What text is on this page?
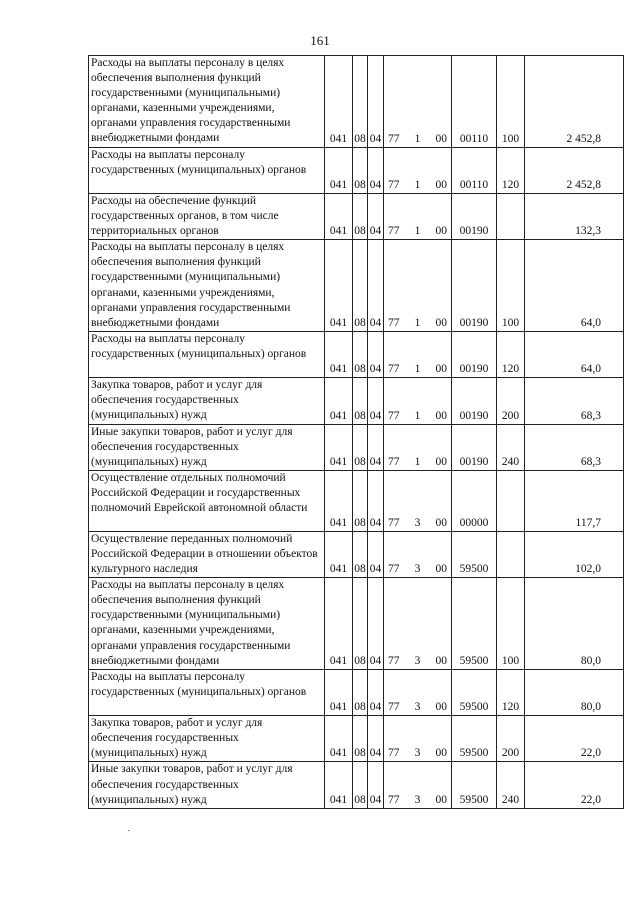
161
Расходы на выплаты персоналу в целях обеспечения выполнения функций государственными (муниципальными) органами, казенными учреждениями, органами управления государственными внебюджетными фондами	041	08	04	77 1 00	00110	100	2 452,8
Расходы на выплаты персоналу государственных (муниципальных) органов	041	08	04	77 1 00	00110	120	2 452,8
Расходы на обеспечение функций государственных органов, в том числе территориальных органов	041	08	04	77 1 00	00190		132,3
Расходы на выплаты персоналу в целях обеспечения выполнения функций государственными (муниципальными) органами, казенными учреждениями, органами управления государственными внебюджетными фондами	041	08	04	77 1 00	00190	100	64,0
Расходы на выплаты персоналу государственных (муниципальных) органов	041	08	04	77 1 00	00190	120	64,0
Закупка товаров, работ и услуг для обеспечения государственных (муниципальных) нужд	041	08	04	77 1 00	00190	200	68,3
Иные закупки товаров, работ и услуг для обеспечения государственных (муниципальных) нужд	041	08	04	77 1 00	00190	240	68,3
Осуществление отдельных полномочий Российской Федерации и государственных полномочий Еврейской автономной области	041	08	04	77 3 00	00000		117,7
Осуществление переданных полномочий Российской Федерации в отношении объектов культурного наследия	041	08	04	77 3 00	59500		102,0
Расходы на выплаты персоналу в целях обеспечения выполнения функций государственными (муниципальными) органами, казенными учреждениями, органами управления государственными внебюджетными фондами	041	08	04	77 3 00	59500	100	80,0
Расходы на выплаты персоналу государственных (муниципальных) органов	041	08	04	77 3 00	59500	120	80,0
Закупка товаров, работ и услуг для обеспечения государственных (муниципальных) нужд	041	08	04	77 3 00	59500	200	22,0
Иные закупки товаров, работ и услуг для обеспечения государственных (муниципальных) нужд	041	08	04	77 3 00	59500	240	22,0
